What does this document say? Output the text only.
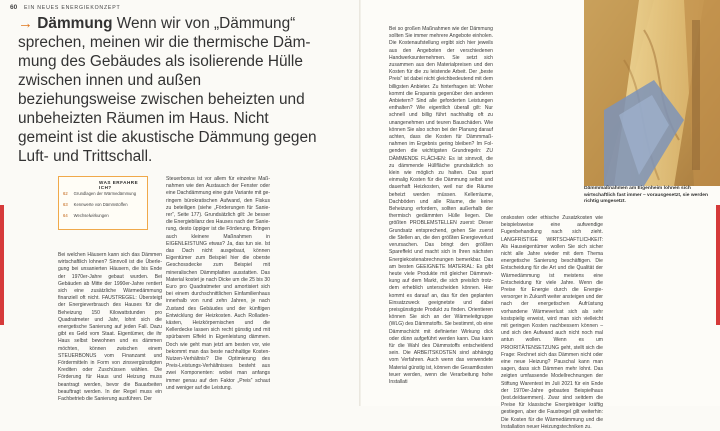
60 EIN NEUES ENERGIEKONZEPT

→ Dämmung Wenn wir von „Dämmung“ sprechen, meinen wir die thermische Dämmung des Gebäudes als isolierende Hülle zwischen innen und außen beziehungsweise zwischen beheizten und unbeheizten Räumen im Haus. Nicht gemeint ist die akustische Dämmung gegen Luft- und Trittschall.
WAS ERFAHRE ICH?
62 Grundlagen der Wärmedämmung
63 Kennwerte von Dämmstoffen
64 Wechselwirkungen

Bei welchen Häusern kann sich das Dämmen wirtschaftlich lohnen? Sinnvoll ist die Überlegung bei unsanierten Häusern, die bis Ende der 1970er-Jahre gebaut wurden. Bei Gebäuden ab Mitte der 1990er-Jahre rentiert sich eine zusätzliche Wärmedämmung finanziell oft nicht. FAUSTREGEL: Übersteigt der Energieverbrauch des Hauses für die Beheizung 150 Kilowattstunden pro Quadratmeter und Jahr, lohnt sich die energetische Sanierung auf jeden Fall. Dazu gibt es Geld vom Staat. Eigentümer, die ihr Haus selbst bewohnen und es dämmen möchten, können zwischen einem STEUERBONUS vom Finanzamt und Fördermitteln in Form von zinsvergünstigten Krediten oder Zuschüssen wählen. Die Förderung für Haus und Heizung muss beantragt werden, bevor die Bauarbeiten beauftragt werden. In der Regel muss ein Fachbetrieb die Sanierung ausführen. Der

Steuerbonus ist vor allem für einzelne Maßnahmen wie den Austausch der Fenster oder eine Dachdämmung eine gute Variante mit geringem bürokratischen Aufwand, den Fiskus zu beteiligen (siehe „Förderungen für Sanierer“, Seite 177). Grundsätzlich gilt: Je besser die Energiebilanz des Hauses nach der Sanierung, desto üppiger ist die Förderung. Bringen auch kleinere Maßnahmen in EIGENLEISTUNG etwas? Ja, das tun sie. Ist das Dach nicht ausgebaut, können Eigentümer zum Beispiel hier die oberste Geschossdecke zum Beispiel mit mineralischen Dämmplatten ausstatten. Das Material kostet je nach Dicke um die 25 bis 30 Euro pro Quadratmeter und amortisiert sich bei einem durchschnittlichen Einfamilienhaus innerhalb von rund zehn Jahren, je nach Zustand des Gebäudes und der künftigen Entwicklung der Heizkosten. Auch Rolladenkästen, Heizkörpernischen und die Kellerdecke lassen sich recht günstig und mit spürbarem Effekt in Eigenleistung dämmen. Doch wie geht man jetzt am besten vor, wie bekommt man das beste nachhaltige Kosten-Nutzen-Verhältnis? Die Optimierung des Preis-Leistungs-Verhältnisses besteht aus zwei Komponenten: wobei man anfangs immer genau auf den Faktor „Preis“ schaut und weniger auf die Leistung.

Bei so großen Maßnahmen wie der Dämmung sollten Sie immer mehrere Angebote einholen. Die Kostenaufstellung ergibt sich hier jeweils aus den Angeboten der verschiedenen Handwerksunternehmen. Sie setzt sich zusammen aus den Materialpreisen und den Kosten für die zu leistende Arbeit. Der „beste Preis“ ist dabei nicht gleichbedeutend mit dem billigsten Anbieter. Zu hinterfragen ist: Woher kommt die Ersparnis gegenüber den anderen Anbietern? Sind alle geforderten Leistungen enthalten? Wie eigentlich überall gilt: Nur schnell und billig führt nachhaltig oft zu unangenehmen und teuren Bauschäden. Wie können Sie also schon bei der Planung darauf achten, dass die Kosten für Dämmmaßnahmen im Ergebnis gering bleiben? Im Folgenden die wichtigsten Grundregeln: ZU DÄMMENDE FLÄCHEN: Es ist sinnvoll, die zu dämmende Hüllfläche grundsätzlich so klein wie möglich zu halten. Das spart einmalig Kosten für die Dämmung selbst und dauerhaft Heizkosten, weil nur die Räume beheizt werden müssen. Kellerräume, Dachböden und alle Räume, die keine Beheizung erfordern, sollten außerhalb der thermisch gedämmten Hülle liegen. Die größten PROBLEMSTELLEN zuerst: Dieser Grundsatz entsprechend, gehen Sie zuerst die Stellen an, die den größten Energieverlust verursachen. Das bringt den größten Spareffekt und macht sich in Ihren nächsten Energiekostenabrechnungen bemerkbar. Das am besten GEEIGNETE MATERIAL: Es gibt heute viele Produkte mit gleicher Dämmwirkung auf dem Markt, die sich preislich trotzdem erheblich unterscheiden können. Hier kommt es darauf an, das für den geplanten Einsatzzweck geeignetste und dabei preisgünstigste Produkt zu finden. Orientieren können Sie sich an der Wärmeleitgruppe (WLG) des Dämmstoffs. Sie bestimmt, ob eine Dämmschicht mit definierter Wirkung dick oder dünn aufgeführt werden kann. Das kann für die Wahl des Dämmstoffs entscheidend sein. Die ARBEITSKOSTEN sind abhängig vom Verfahren. Auch wenn das verwendete Material günstig ist, können die Gesamtkosten teuer werden, wenn die Verarbeitung hohe Installati

onskosten oder ethische Zusatzkosten wie beispielsweise eine aufwendige Fugenbehandlung nach sich zieht. LANGFRISTIGE WIRTSCHAFTLICHKEIT: Als Hauseigentümer wollen Sie sich sicher nicht alle Jahre wieder mit dem Thema energetische Sanierung beschäftigen. Die Entscheidung für die Art und die Qualität der Wärmedämmung ist meistens eine Entscheidung für viele Jahre. Wenn die Preise für Energie durch die Energieversorger in Zukunft weiter ansteigen und der nach der energetischen Aufrüstung vorhandene Wärmeverlust sich als sehr kostspielig erweist, wird man sich vielleicht mit geringen Kosten nachbessern können – und sich den Aufwand auch nicht noch mal antun wollen. Wenn es um PRIORITÄTENSETZUNG geht, stellt sich die Frage: Rechnet sich das Dämmen nicht oder eine neue Heizung? Pauschal kann man sagen, dass sich Dämmen mehr lohnt. Das zeigten umfassende Modellrechnungen der Stiftung Warentest im Juli 2021 für ein Ende der 1970er-Jahre gebautes Beispielhaus (test.de/daemmen). Zwar sind seitdem die Preise für klassische Energieträger kräftig gestiegen, aber die Faustregel gilt weiterhin: Die Kosten für die Wärmedämmung und die Installation neuer Heizungstechniken zu.

Dämmmaßnahmen am Eigenheim lohnen sich wirtschaftlich fast immer – vorausgesetzt, sie werden richtig umgesetzt.
